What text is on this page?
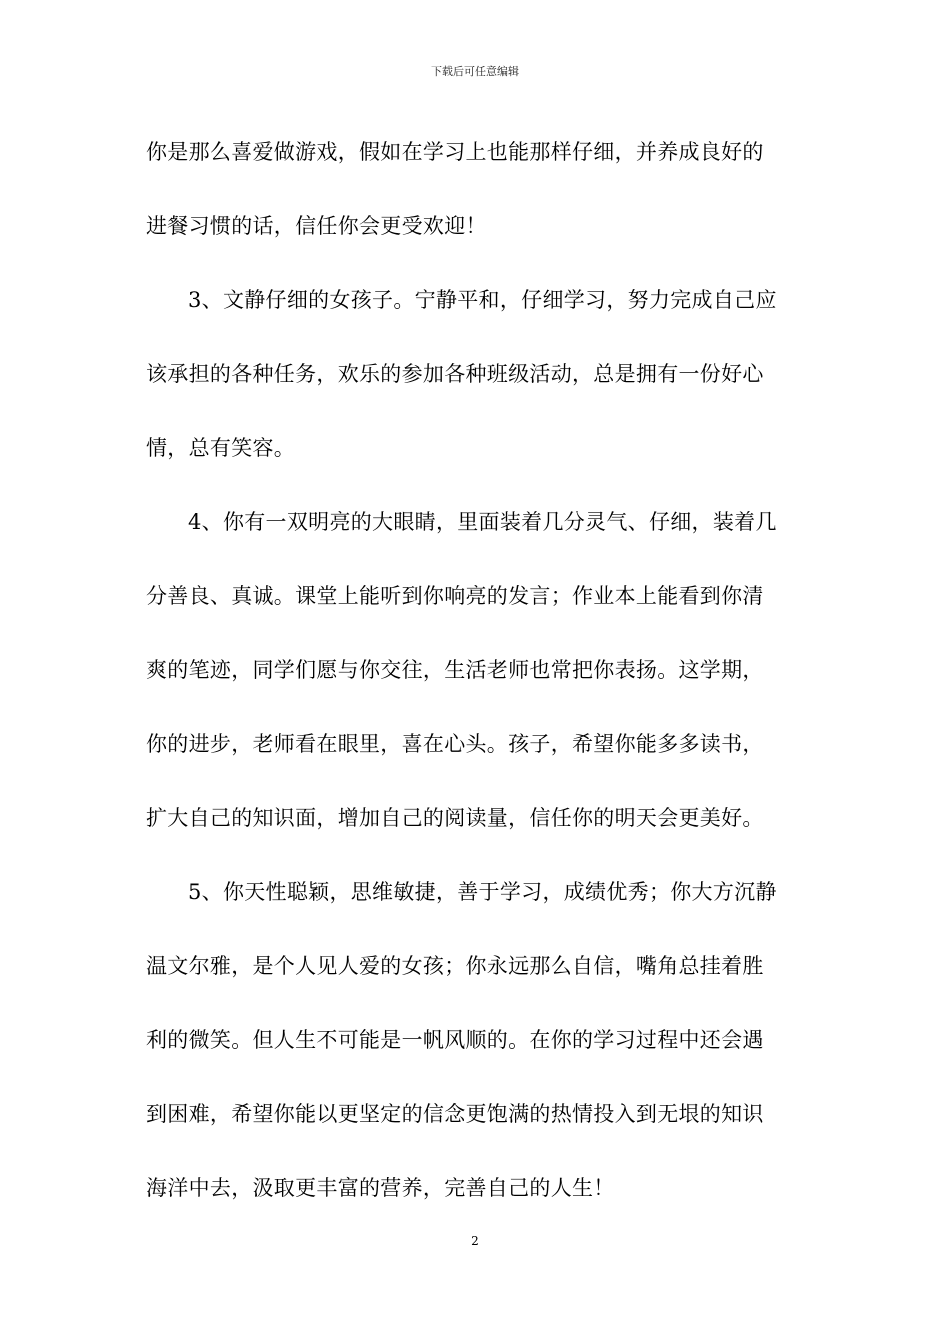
下载后可任意编辑
你是那么喜爱做游戏，假如在学习上也能那样仔细，并养成良好的
进餐习惯的话，信任你会更受欢迎！
3、文静仔细的女孩子。宁静平和，仔细学习，努力完成自己应
该承担的各种任务，欢乐的参加各种班级活动，总是拥有一份好心
情，总有笑容。
4、你有一双明亮的大眼睛，里面装着几分灵气、仔细，装着几
分善良、真诚。课堂上能听到你响亮的发言；作业本上能看到你清
爽的笔迹，同学们愿与你交往，生活老师也常把你表扬。这学期，
你的进步，老师看在眼里，喜在心头。孩子，希望你能多多读书，
扩大自己的知识面，增加自己的阅读量，信任你的明天会更美好。
5、你天性聪颖，思维敏捷，善于学习，成绩优秀；你大方沉静
温文尔雅，是个人见人爱的女孩；你永远那么自信，嘴角总挂着胜
利的微笑。但人生不可能是一帆风顺的。在你的学习过程中还会遇
到困难，希望你能以更坚定的信念更饱满的热情投入到无垠的知识
海洋中去，汲取更丰富的营养，完善自己的人生！
2
